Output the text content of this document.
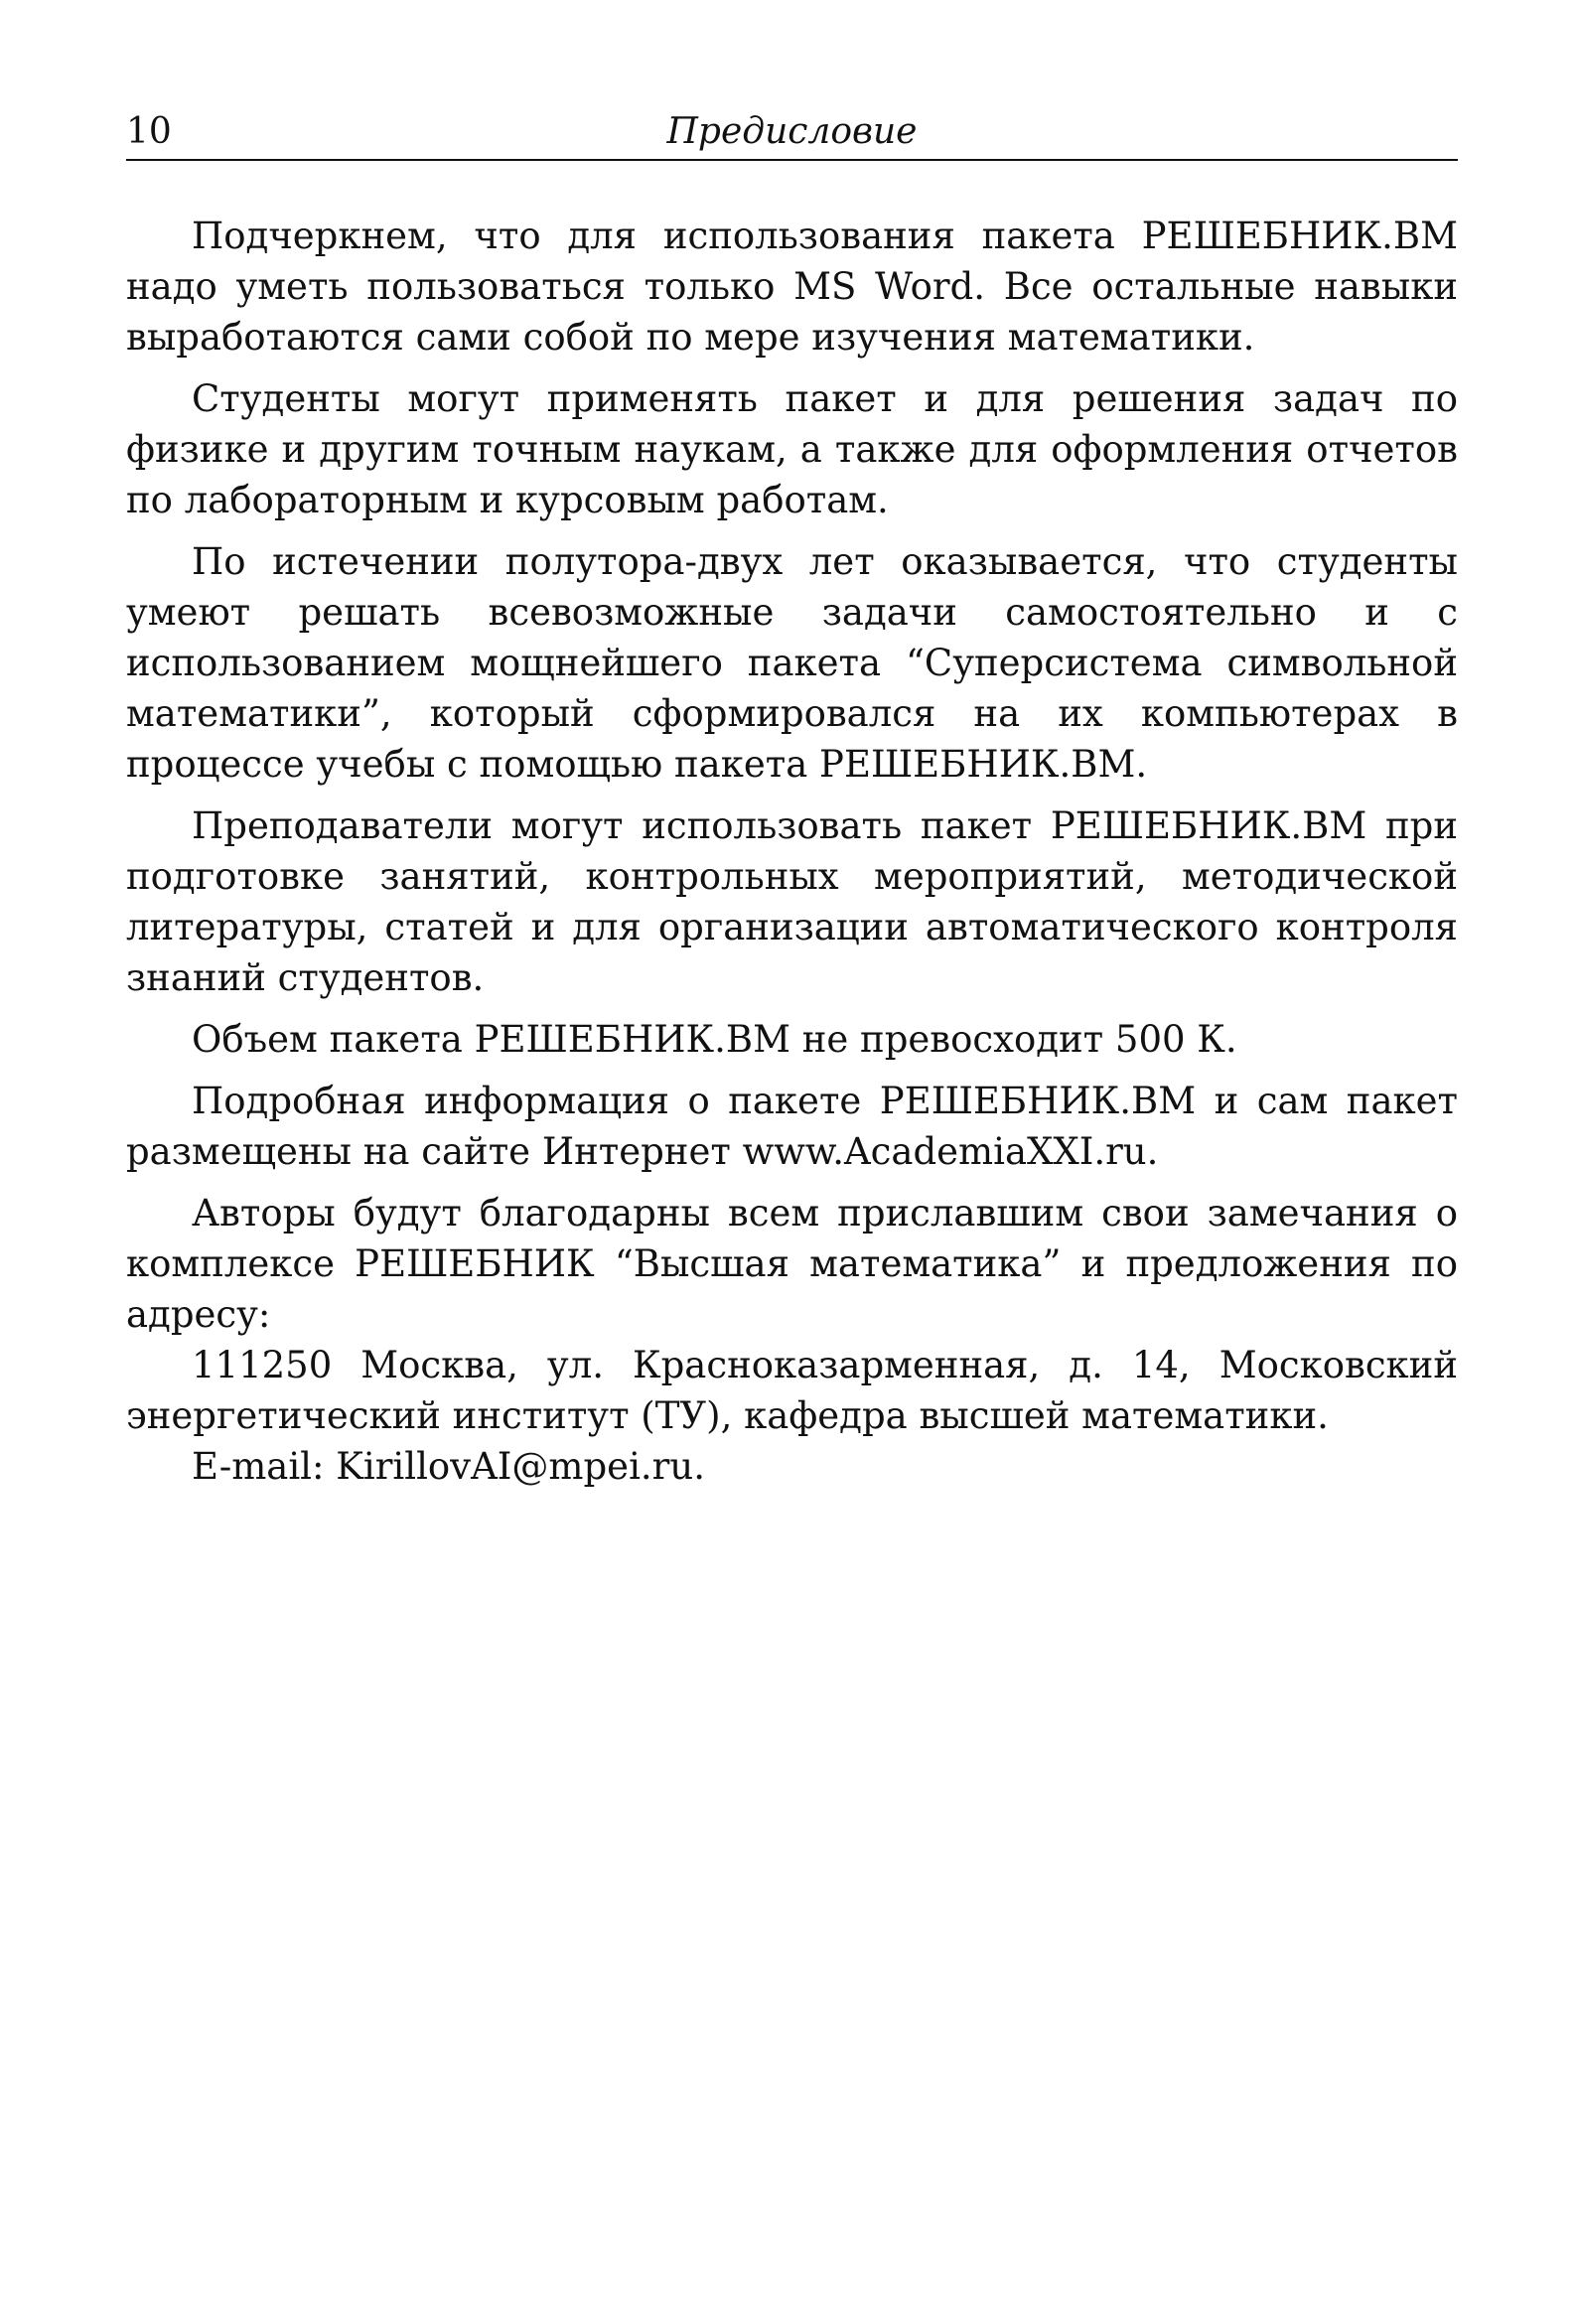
10	Предисловие

Подчеркнем, что для использования пакета РЕШЕБНИК.ВМ надо уметь пользоваться только MS Word. Все остальные навыки выработаются сами собой по мере изучения математики.

Студенты могут применять пакет и для решения задач по физике и другим точным наукам, а также для оформления отчетов по лабораторным и курсовым работам.

По истечении полутора-двух лет оказывается, что студенты умеют решать всевозможные задачи самостоятельно и с использованием мощнейшего пакета “Суперсистема символьной математики”, который сформировался на их компьютерах в процессе учебы с помощью пакета РЕШЕБНИК.ВМ.

Преподаватели могут использовать пакет РЕШЕБНИК.ВМ при подготовке занятий, контрольных мероприятий, методической литературы, статей и для организации автоматического контроля знаний студентов.

Объем пакета РЕШЕБНИК.ВМ не превосходит 500 К.

Подробная информация о пакете РЕШЕБНИК.ВМ и сам пакет размещены на сайте Интернет www.AcademiaXXI.ru.

Авторы будут благодарны всем приславшим свои замечания о комплексе РЕШЕБНИК “Высшая математика” и предложения по адресу:

111250 Москва, ул. Красноказарменная, д. 14, Московский энергетический институт (ТУ), кафедра высшей математики.

E-mail: KirillovAI@mpei.ru.
